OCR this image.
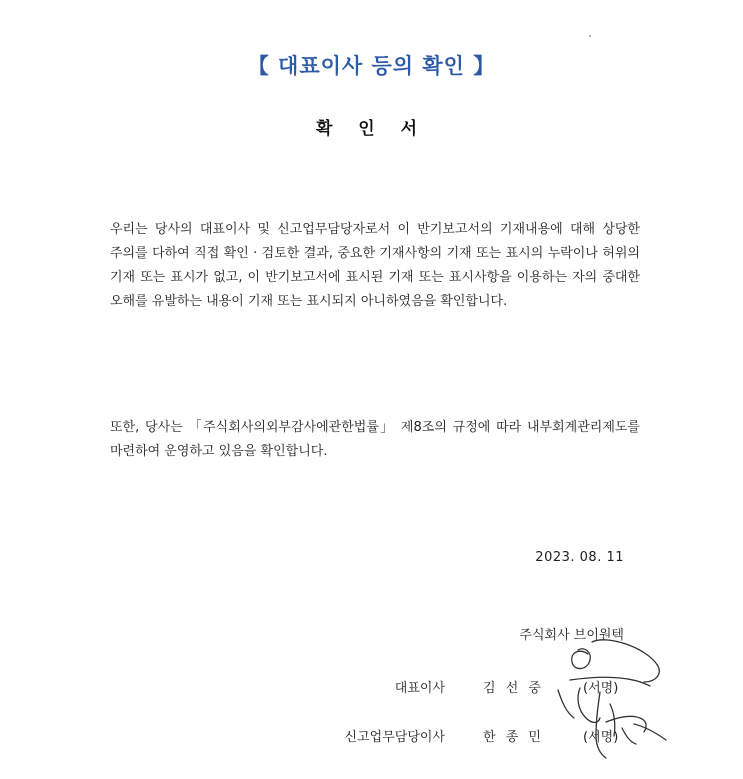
【 대표이사 등의 확인 】
확 인 서

우리는 당사의 대표이사 및 신고업무담당자로서 이 반기보고서의 기재내용에 대해 상당한 주의를 다하여 직접 확인 · 검토한 결과, 중요한 기재사항의 기재 또는 표시의 누락이나 허위의 기재 또는 표시가 없고, 이 반기보고서에 표시된 기재 또는 표시사항을 이용하는 자의 중대한 오해를 유발하는 내용이 기재 또는 표시되지 아니하였음을 확인합니다.

또한, 당사는 「주식회사의외부감사에관한법률」 제8조의 규정에 따라 내부회계관리제도를 마련하여 운영하고 있음을 확인합니다.

2023. 08. 11

주식회사 브이원텍

대표이사	김 선 중	(서명)
신고업무담당이사	한 종 민	(서명)
